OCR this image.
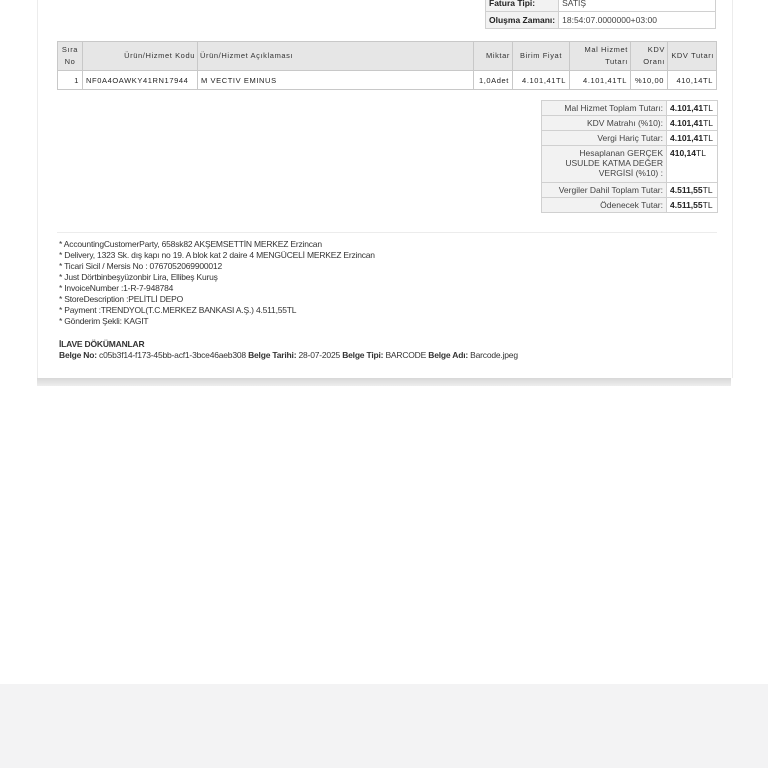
Fatura Tipi:	SATIŞ
Oluşma Zamanı:	18:54:07.0000000+03:00
Sıra No	Ürün/Hizmet Kodu	Ürün/Hizmet Açıklaması	Miktar	Birim Fiyat	Mal Hizmet Tutarı	KDV Oranı	KDV Tutarı
1	NF0A4OAWKY41RN17944	M VECTIV EMINUS	1,0Adet	4.101,41TL	4.101,41TL	%10,00	410,14TL
Mal Hizmet Toplam Tutarı:	4.101,41TL
KDV Matrahı (%10):	4.101,41TL
Vergi Hariç Tutar:	4.101,41TL
Hesaplanan GERÇEK USULDE KATMA DEĞER VERGİSİ (%10) :	410,14TL
Vergiler Dahil Toplam Tutar:	4.511,55TL
Ödenecek Tutar:	4.511,55TL
* AccountingCustomerParty, 658sk82 AKŞEMSETTİN MERKEZ Erzincan
* Delivery, 1323 Sk. dış kapı no 19. A blok kat 2 daire 4 MENGÜCELİ MERKEZ Erzincan
* Ticari Sicil / Mersis No : 0767052069900012
* Just Dörtbinbeşyüzonbir Lira, Ellibeş Kuruş
* InvoiceNumber :1-R-7-948784
* StoreDescription :PELİTLİ DEPO
* Payment :TRENDYOL(T.C.MERKEZ BANKASI A.Ş.) 4.511,55TL
* Gönderim Şekli: KAGIT
İLAVE DÖKÜMANLAR
Belge No: c05b3f14-f173-45bb-acf1-3bce46aeb308 Belge Tarihi: 28-07-2025 Belge Tipi: BARCODE Belge Adı: Barcode.jpeg
